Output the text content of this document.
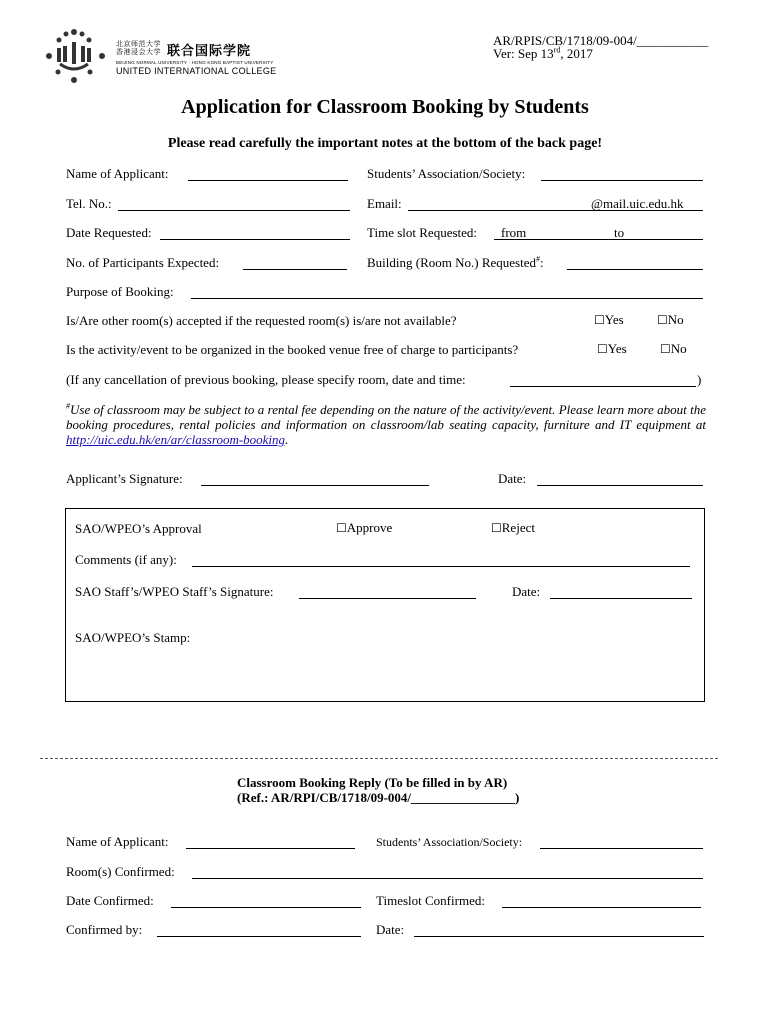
北京师范大学
香港浸会大学 联合国际学院
BEIJING NORMAL UNIVERSITY · HONG KONG BAPTIST UNIVERSITY
UNITED INTERNATIONAL COLLEGE
AR/RPIS/CB/1718/09-004/___________
Ver: Sep 13rd, 2017
Application for Classroom Booking by Students
Please read carefully the important notes at the bottom of the back page!
Name of Applicant:	Students’ Association/Society:
Tel. No.:	Email:	@mail.uic.edu.hk
Date Requested:	Time slot Requested: from	to
No. of Participants Expected:	Building (Room No.) Requested#:
Purpose of Booking:
Is/Are other room(s) accepted if the requested room(s) is/are not available?	☐Yes	☐No
Is the activity/event to be organized in the booked venue free of charge to participants?	☐Yes	☐No
(If any cancellation of previous booking, please specify room, date and time:	)
#Use of classroom may be subject to a rental fee depending on the nature of the activity/event. Please learn more about the booking procedures, rental policies and information on classroom/lab seating capacity, furniture and IT equipment at http://uic.edu.hk/en/ar/classroom-booking.
Applicant’s Signature:	Date:
SAO/WPEO’s Approval	☐Approve	☐Reject
Comments (if any):
SAO Staff’s/WPEO Staff’s Signature:	Date:
SAO/WPEO’s Stamp:
Classroom Booking Reply (To be filled in by AR)
(Ref.: AR/RPI/CB/1718/09-004/________________)
Name of Applicant:	Students’ Association/Society:
Room(s) Confirmed:
Date Confirmed:	Timeslot Confirmed:
Confirmed by:	Date:
